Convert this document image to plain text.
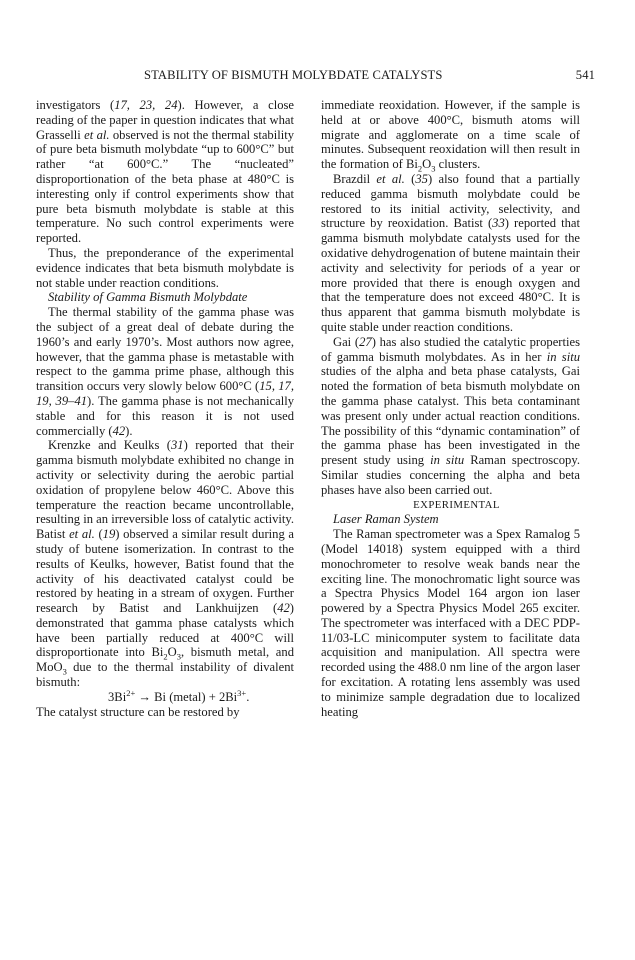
STABILITY OF BISMUTH MOLYBDATE CATALYSTS	541

investigators (17, 23, 24). However, a close reading of the paper in question indicates that what Grasselli et al. observed is not the thermal stability of pure beta bismuth molybdate “up to 600°C” but rather “at 600°C.” The “nucleated” disproportionation of the beta phase at 480°C is interesting only if control experiments show that pure beta bismuth molybdate is stable at this temperature. No such control experiments were reported.

Thus, the preponderance of the experimental evidence indicates that beta bismuth molybdate is not stable under reaction conditions.

Stability of Gamma Bismuth Molybdate

The thermal stability of the gamma phase was the subject of a great deal of debate during the 1960’s and early 1970’s. Most authors now agree, however, that the gamma phase is metastable with respect to the gamma prime phase, although this transition occurs very slowly below 600°C (15, 17, 19, 39–41). The gamma phase is not mechanically stable and for this reason it is not used commercially (42).

Krenzke and Keulks (31) reported that their gamma bismuth molybdate exhibited no change in activity or selectivity during the aerobic partial oxidation of propylene below 460°C. Above this temperature the reaction became uncontrollable, resulting in an irreversible loss of catalytic activity. Batist et al. (19) observed a similar result during a study of butene isomerization. In contrast to the results of Keulks, however, Batist found that the activity of his deactivated catalyst could be restored by heating in a stream of oxygen. Further research by Batist and Lankhuijzen (42) demonstrated that gamma phase catalysts which have been partially reduced at 400°C will disproportionate into $Bi_2O_3$, bismuth metal, and MoO$_3$ due to the thermal instability of divalent bismuth:

$3Bi^{2+} \to Bi$ (metal) + $2Bi^{3+}$.

The catalyst structure can be restored by

immediate reoxidation. However, if the sample is held at or above 400°C, bismuth atoms will migrate and agglomerate on a time scale of minutes. Subsequent reoxidation will then result in the formation of $Bi_2O_3$ clusters.

Brazdil et al. (35) also found that a partially reduced gamma bismuth molybdate could be restored to its initial activity, selectivity, and structure by reoxidation. Batist (33) reported that gamma bismuth molybdate catalysts used for the oxidative dehydrogenation of butene maintain their activity and selectivity for periods of a year or more provided that there is enough oxygen and that the temperature does not exceed 480°C. It is thus apparent that gamma bismuth molybdate is quite stable under reaction conditions.

Gai (27) has also studied the catalytic properties of gamma bismuth molybdates. As in her in situ studies of the alpha and beta phase catalysts, Gai noted the formation of beta bismuth molybdate on the gamma phase catalyst. This beta contaminant was present only under actual reaction conditions. The possibility of this “dynamic contamination” of the gamma phase has been investigated in the present study using in situ Raman spectroscopy. Similar studies concerning the alpha and beta phases have also been carried out.

EXPERIMENTAL

Laser Raman System

The Raman spectrometer was a Spex Ramalog 5 (Model 14018) system equipped with a third monochrometer to resolve weak bands near the exciting line. The monochromatic light source was a Spectra Physics Model 164 argon ion laser powered by a Spectra Physics Model 265 exciter. The spectrometer was interfaced with a DEC PDP-11/03-LC minicomputer system to facilitate data acquisition and manipulation. All spectra were recorded using the 488.0 nm line of the argon laser for excitation. A rotating lens assembly was used to minimize sample degradation due to localized heating
